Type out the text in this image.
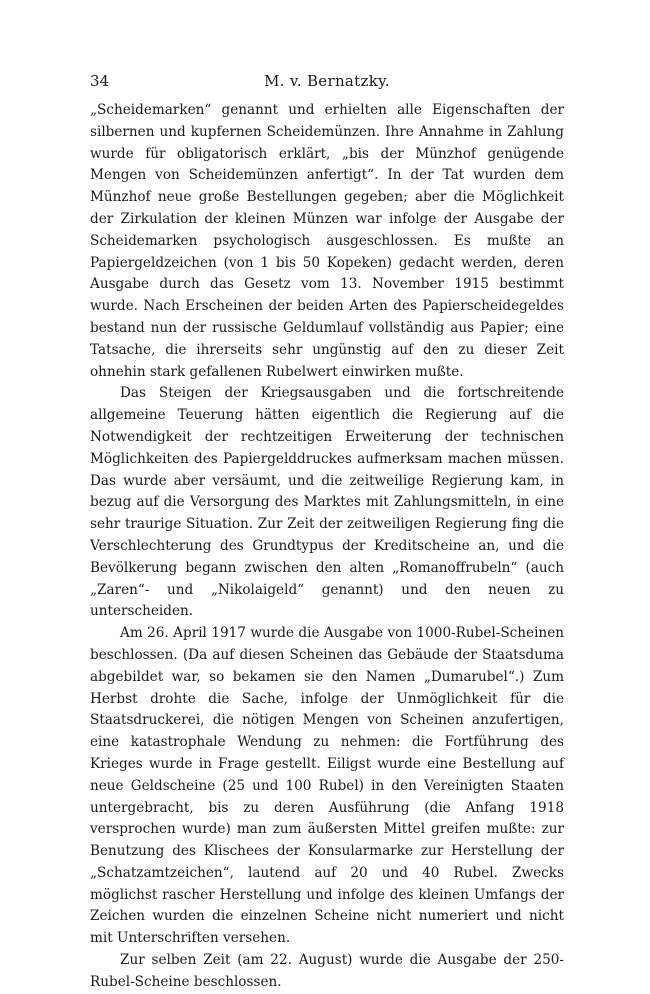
34	M. v. Bernatzky.

„Scheidemarken“ genannt und erhielten alle Eigenschaften der silbernen und kupfernen Scheidemünzen. Ihre Annahme in Zahlung wurde für obligatorisch erklärt, „bis der Münzhof genügende Mengen von Scheidemünzen anfertigt“. In der Tat wurden dem Münzhof neue große Bestellungen gegeben; aber die Möglichkeit der Zirkulation der kleinen Münzen war infolge der Ausgabe der Scheidemarken psychologisch ausgeschlossen. Es mußte an Papiergeldzeichen (von 1 bis 50 Kopeken) gedacht werden, deren Ausgabe durch das Gesetz vom 13. November 1915 bestimmt wurde. Nach Erscheinen der beiden Arten des Papierscheidegeldes bestand nun der russische Geldumlauf vollständig aus Papier; eine Tatsache, die ihrerseits sehr ungünstig auf den zu dieser Zeit ohnehin stark gefallenen Rubelwert einwirken mußte.

Das Steigen der Kriegsausgaben und die fortschreitende allgemeine Teuerung hätten eigentlich die Regierung auf die Notwendigkeit der rechtzeitigen Erweiterung der technischen Möglichkeiten des Papiergelddruckes aufmerksam machen müssen. Das wurde aber versäumt, und die zeitweilige Regierung kam, in bezug auf die Versorgung des Marktes mit Zahlungsmitteln, in eine sehr traurige Situation. Zur Zeit der zeitweiligen Regierung fing die Verschlechterung des Grundtypus der Kreditscheine an, und die Bevölkerung begann zwischen den alten „Romanoffrubeln“ (auch „Zaren“- und „Nikolaigeld“ genannt) und den neuen zu unterscheiden.

Am 26. April 1917 wurde die Ausgabe von 1000-Rubel-Scheinen beschlossen. (Da auf diesen Scheinen das Gebäude der Staatsduma abgebildet war, so bekamen sie den Namen „Dumarubel“.) Zum Herbst drohte die Sache, infolge der Unmöglichkeit für die Staatsdruckerei, die nötigen Mengen von Scheinen anzufertigen, eine katastrophale Wendung zu nehmen: die Fortführung des Krieges wurde in Frage gestellt. Eiligst wurde eine Bestellung auf neue Geldscheine (25 und 100 Rubel) in den Vereinigten Staaten untergebracht, bis zu deren Ausführung (die Anfang 1918 versprochen wurde) man zum äußersten Mittel greifen mußte: zur Benutzung des Klischees der Konsularmarke zur Herstellung der „Schatzamtzeichen“, lautend auf 20 und 40 Rubel. Zwecks möglichst rascher Herstellung und infolge des kleinen Umfangs der Zeichen wurden die einzelnen Scheine nicht numeriert und nicht mit Unterschriften versehen.

Zur selben Zeit (am 22. August) wurde die Ausgabe der 250-Rubel-Scheine beschlossen.
